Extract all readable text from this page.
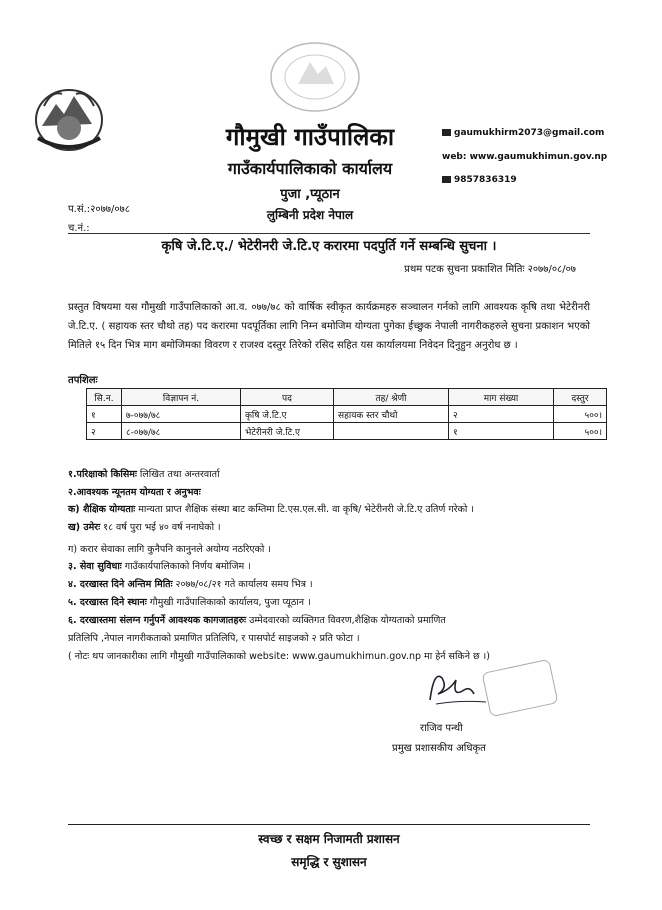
गौमुखी गाउँपालिका
गाउँकार्यपालिकाको कार्यालय
पुजा ,प्यूठान
लुम्बिनी प्रदेश नेपाल
gaumukhirm2073@gmail.com
web: www.gaumukhimun.gov.np
9857836319
प.सं.:२०७७/०७८
च.नं.:
कृषि जे.टि.ए./ भेटेरीनरी जे.टि.ए करारमा पदपुर्ति गर्ने सम्बन्धि सुचना ।
प्रथम पटक सुचना प्रकाशित मितिः २०७७/०८/०७
प्रस्तुत विषयमा यस गौमुखी गाउँपालिकाको आ.व. ०७७/७८ को वार्षिक स्वीकृत कार्यक्रमहरु सञ्चालन गर्नको लागि आवश्यक कृषि तथा भेटेरीनरी जे.टि.ए. ( सहायक स्तर चौथो तह) पद करारमा पदपूर्तिका लागि निम्न बमोजिम योग्यता पुगेका ईच्छुक नेपाली नागरीकहरुले सुचना प्रकाशन भएको मितिले १५ दिन भित्र माग बमोजिमका विवरण र राजश्व दस्तुर तिरेको रसिद सहित यस कार्यालयमा निवेदन दिनुहुन अनुरोध छ ।
तपशिलः
सि.न.	विज्ञापन नं.	पद	तह/ श्रेणी	माग संख्या	दस्तुर
१	७-०७७/७८	कृषि जे.टि.ए	सहायक स्तर चौथो	२	५००।
२	८-०७७/७८	भेटेरीनरी जे.टि.ए		१	५००।
१.परिक्षाको किसिमः लिखित तथा अन्तरवार्ता
२.आवश्यक न्यूनतम योग्यता र अनुभवः
क) शैक्षिक योग्यताः मान्यता प्राप्त शैक्षिक संस्था बाट कम्तिमा टि.एस.एल.सी. वा कृषि/ भेटेरीनरी जे.टि.ए उतिर्ण गरेको ।
ख) उमेरः १८ वर्ष पुरा भई ४० वर्ष ननाघेको ।
ग) करार सेवाका लागि कुनैपनि कानुनले अयोग्य नठरिएको ।
३. सेवा सुविधाः गाउँकार्यपालिकाको निर्णय बमोजिम ।
४. दरखास्त दिने अन्तिम मितिः २०७७/०८/२१ गते कार्यालय समय भित्र ।
५. दरखास्त दिने स्थानः गौमुखी गाउँपालिकाको कार्यालय, पुजा प्यूठान ।
६. दरखास्तमा संलग्न गर्नुपर्ने आवश्यक कागजातहरुः उम्मेदवारको व्यक्तिगत विवरण,शैक्षिक योग्यताको प्रमाणित
प्रतिलिपि ,नेपाल नागरीकताको प्रमाणित प्रतिलिपि, र पासपोर्ट साइजको २ प्रति फोटा ।
( नोटः थप जानकारीका लागि गौमुखी गाउँपालिकाको website: www.gaumukhimun.gov.np मा हेर्न सकिने छ ।)
राजिव पन्थी
प्रमुख प्रशासकीय अधिकृत
स्वच्छ र सक्षम निजामती प्रशासन
समृद्धि र सुशासन
